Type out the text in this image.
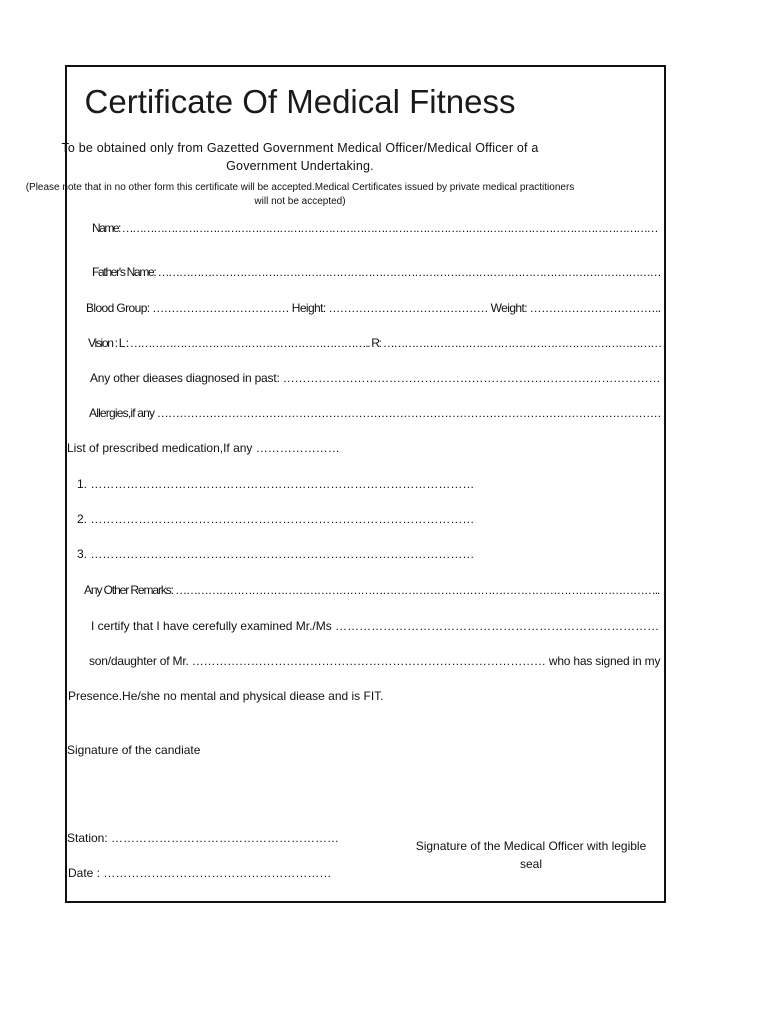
Certificate Of Medical Fitness
To be obtained only from Gazetted Government Medical Officer/Medical Officer of a
Government Undertaking.
(Please note that in no other form this certificate will be accepted.Medical Certificates issued by private medical practitioners
will not be accepted)
Name: ………………………………………………………………………………………………………………………………………
Father's Name: ……………………………………………………………………………………………………………………………
Blood Group: ……………………………… Height: …………………………………… Weight: ……………………………..
Vision : L : ………………………………………………………….. R: ……………………………………………………………………
Any other dieases diagnosed in past: ……………………………………………………………………………………
Allergies,if any ………………………………………………………………………………………………………………………
List of prescribed medication,If any …………………
1. ……………………………………………………………………………………
2. ……………………………………………………………………………………
3. ……………………………………………………………………………………
Any Other Remarks: ……………………………………………………………………………………………………………………..
I certify that I have cerefully examined Mr./Ms ………………………………………………………………………
son/daughter of Mr. ……………………………………………………………………………… who has signed in my
Presence.He/she no mental and physical diease and is FIT.
Signature of the candiate
Station: …………………………………………………
Date : …………………………………………………
Signature of the Medical Officer with legible
seal
